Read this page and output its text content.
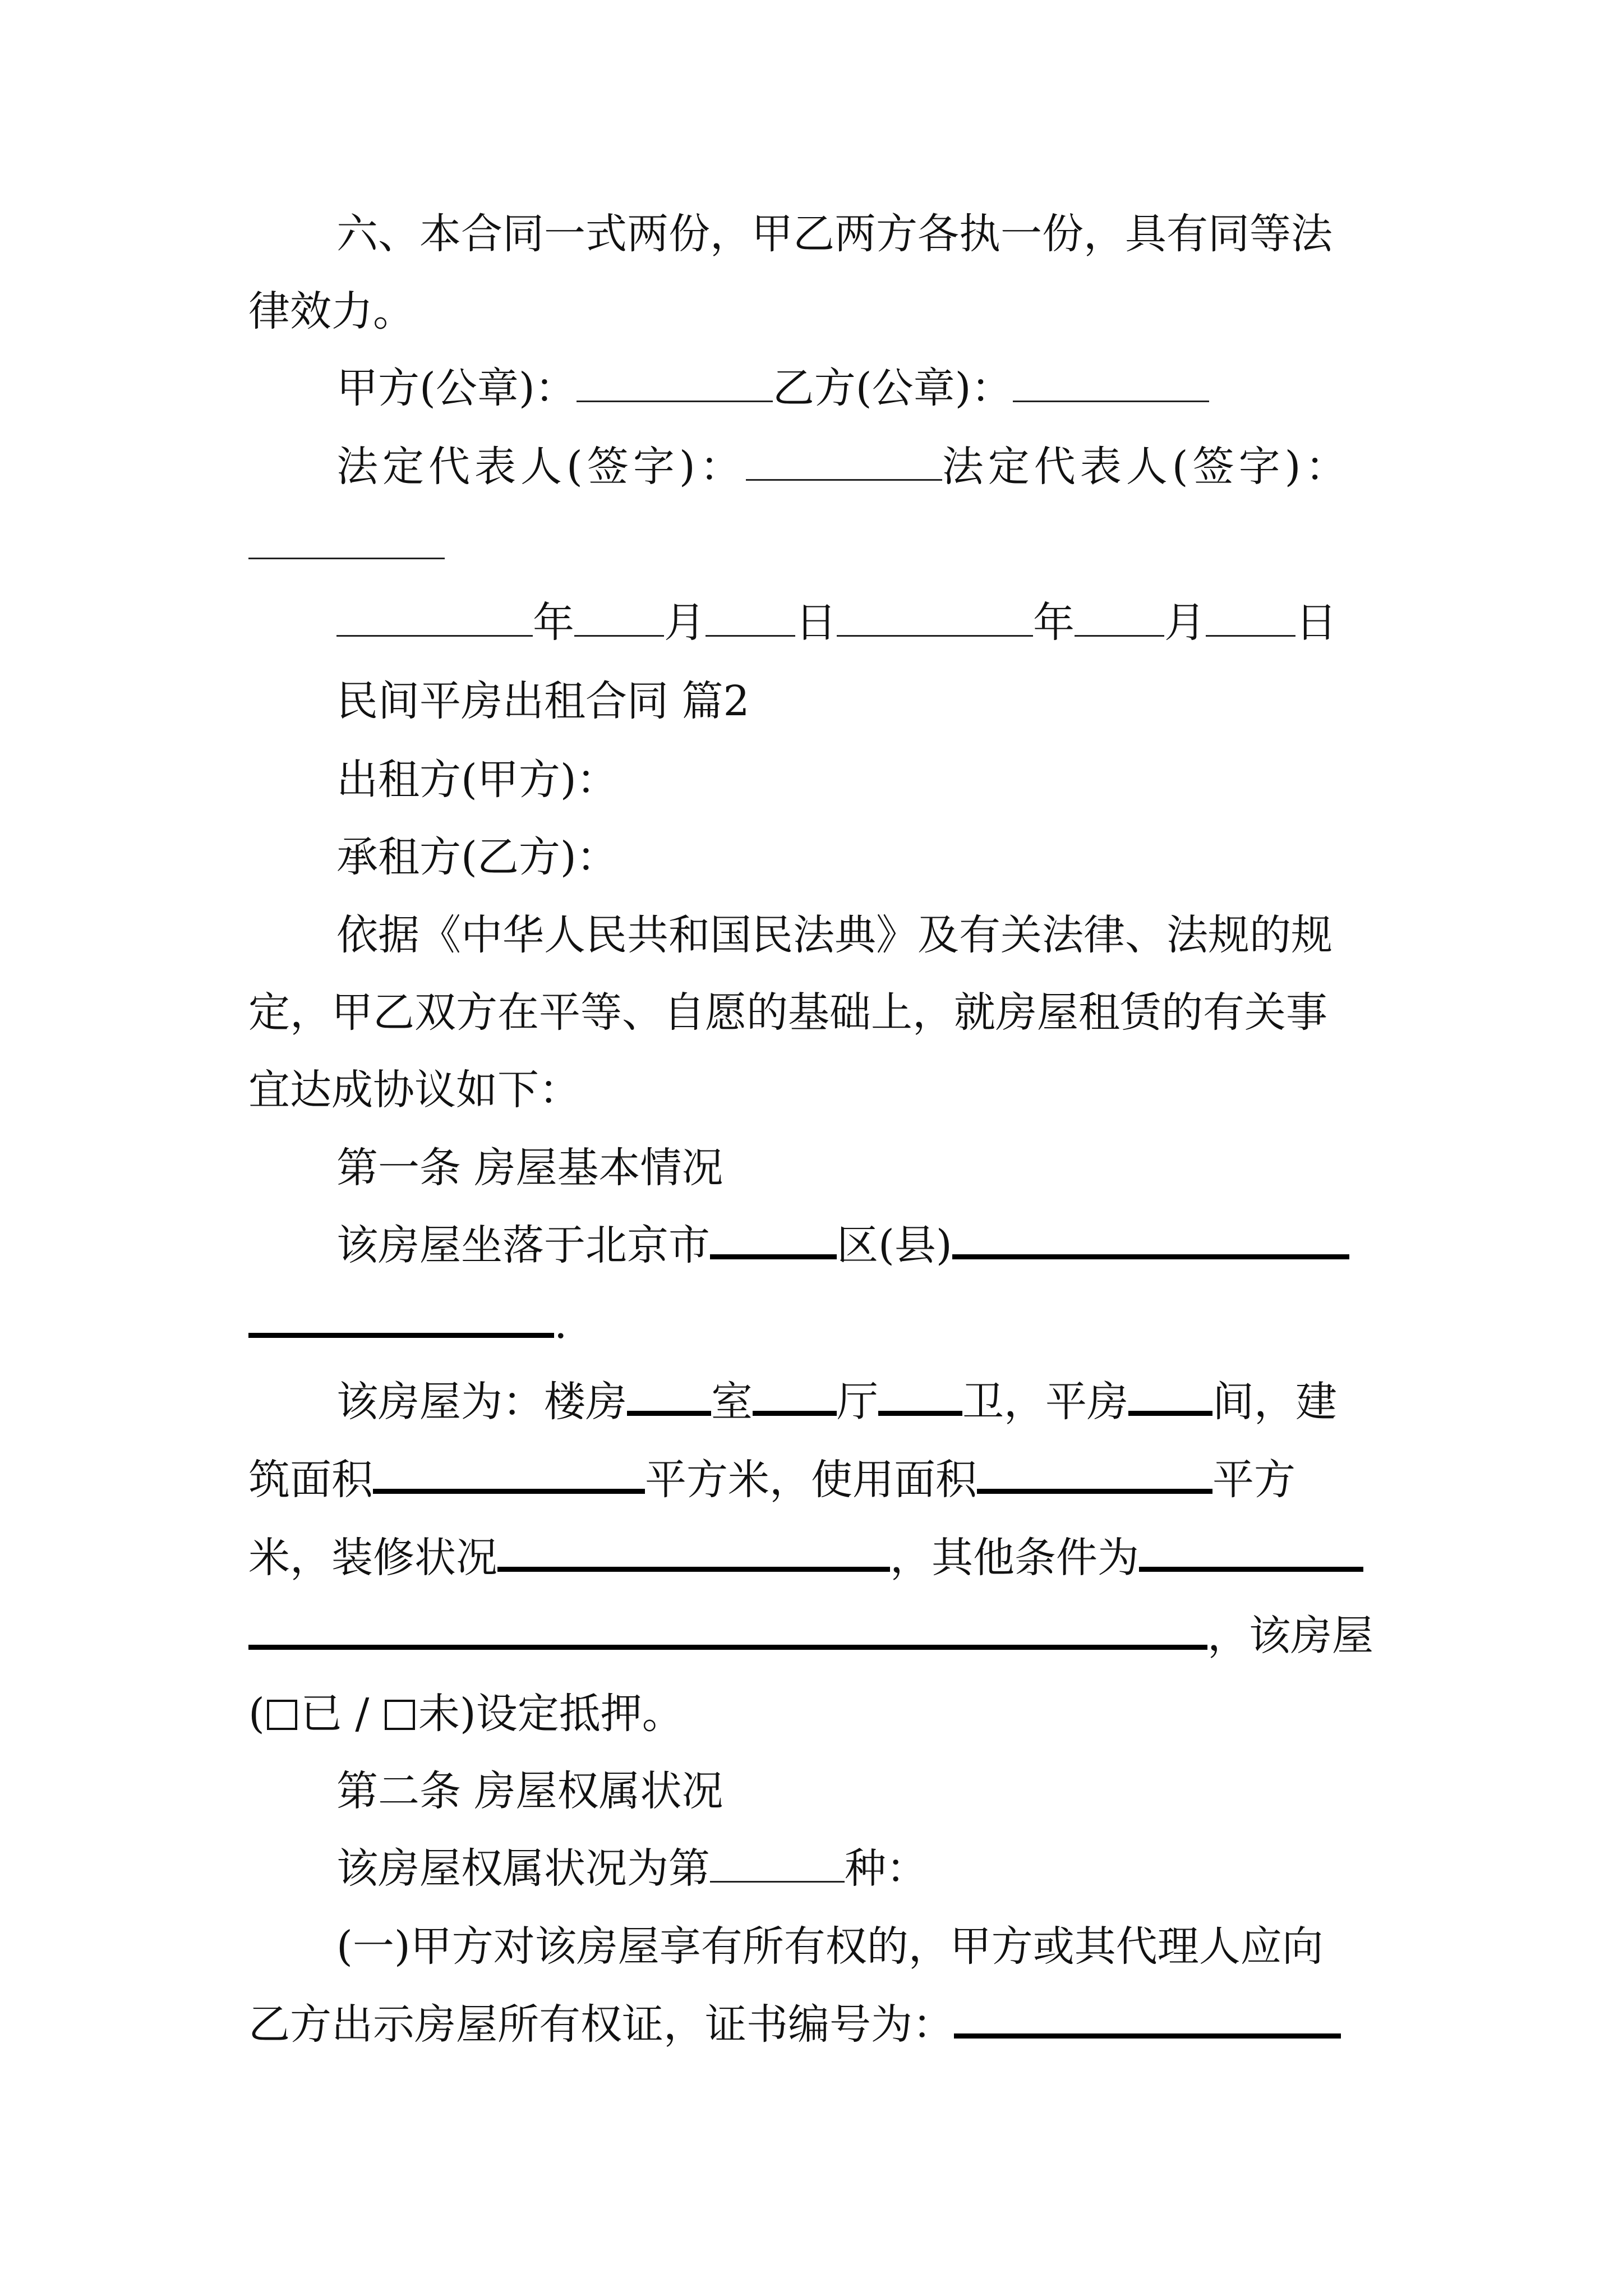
六、本合同一式两份，甲乙两方各执一份，具有同等法
律效力。
甲方(公章)：	乙方(公章)：
法定代表人(签字)：	法定代表人(签字)：
年 月 日	年 月 日
民间平房出租合同 篇2
出租方(甲方)：
承租方(乙方)：
依据《中华人民共和国民法典》及有关法律、法规的规
定，甲乙双方在平等、自愿的基础上，就房屋租赁的有关事
宜达成协议如下：
第一条 房屋基本情况
该房屋坐落于北京市	区(县)
.
该房屋为：楼房 室 厅 卫，平房 间，建
筑面积	平方米，使用面积	平方
米，装修状况	，其他条件为
，该房屋
( 已 / 未)设定抵押。
第二条 房屋权属状况
该房屋权属状况为第	种：
(一)甲方对该房屋享有所有权的，甲方或其代理人应向
乙方出示房屋所有权证，证书编号为：
